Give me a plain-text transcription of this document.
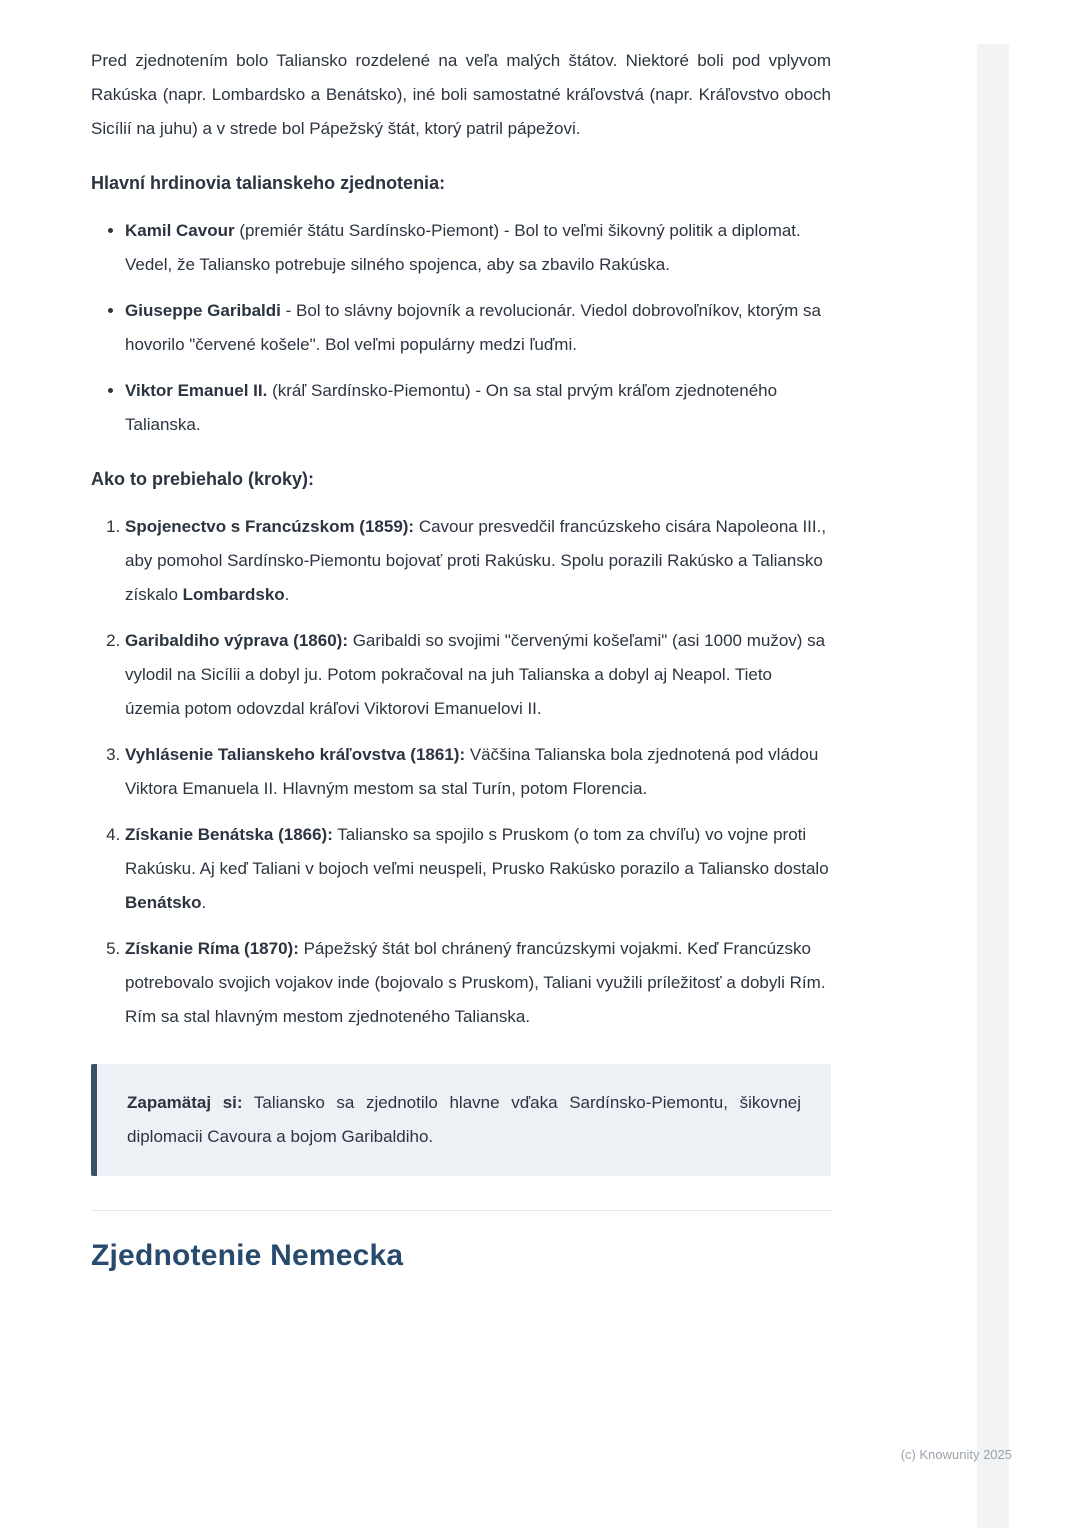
Pred zjednotením bolo Taliansko rozdelené na veľa malých štátov. Niektoré boli pod vplyvom Rakúska (napr. Lombardsko a Benátsko), iné boli samostatné kráľovstvá (napr. Kráľovstvo oboch Sicílií na juhu) a v strede bol Pápežský štát, ktorý patril pápežovi.

Hlavní hrdinovia talianskeho zjednotenia:
• Kamil Cavour (premiér štátu Sardínsko-Piemont) - Bol to veľmi šikovný politik a diplomat. Vedel, že Taliansko potrebuje silného spojenca, aby sa zbavilo Rakúska.
• Giuseppe Garibaldi - Bol to slávny bojovník a revolucionár. Viedol dobrovoľníkov, ktorým sa hovorilo "červené košele". Bol veľmi populárny medzi ľuďmi.
• Viktor Emanuel II. (kráľ Sardínsko-Piemontu) - On sa stal prvým kráľom zjednoteného Talianska.
Ako to prebiehalo (kroky):
1. Spojenectvo s Francúzskom (1859): Cavour presvedčil francúzskeho cisára Napoleona III., aby pomohol Sardínsko-Piemontu bojovať proti Rakúsku. Spolu porazili Rakúsko a Taliansko získalo Lombardsko.
2. Garibaldiho výprava (1860): Garibaldi so svojimi "červenými košeľami" (asi 1000 mužov) sa vylodil na Sicílii a dobyl ju. Potom pokračoval na juh Talianska a dobyl aj Neapol. Tieto územia potom odovzdal kráľovi Viktorovi Emanuelovi II.
3. Vyhlásenie Talianskeho kráľovstva (1861): Väčšina Talianska bola zjednotená pod vládou Viktora Emanuela II. Hlavným mestom sa stal Turín, potom Florencia.
4. Získanie Benátska (1866): Taliansko sa spojilo s Pruskom (o tom za chvíľu) vo vojne proti Rakúsku. Aj keď Taliani v bojoch veľmi neuspeli, Prusko Rakúsko porazilo a Taliansko dostalo Benátsko.
5. Získanie Ríma (1870): Pápežský štát bol chránený francúzskymi vojakmi. Keď Francúzsko potrebovalo svojich vojakov inde (bojovalo s Pruskom), Taliani využili príležitosť a dobyli Rím. Rím sa stal hlavným mestom zjednoteného Talianska.

Zapamätaj si: Taliansko sa zjednotilo hlavne vďaka Sardínsko-Piemontu, šikovnej diplomacii Cavoura a bojom Garibaldiho.

Zjednotenie Nemecka
(c) Knowunity 2025
